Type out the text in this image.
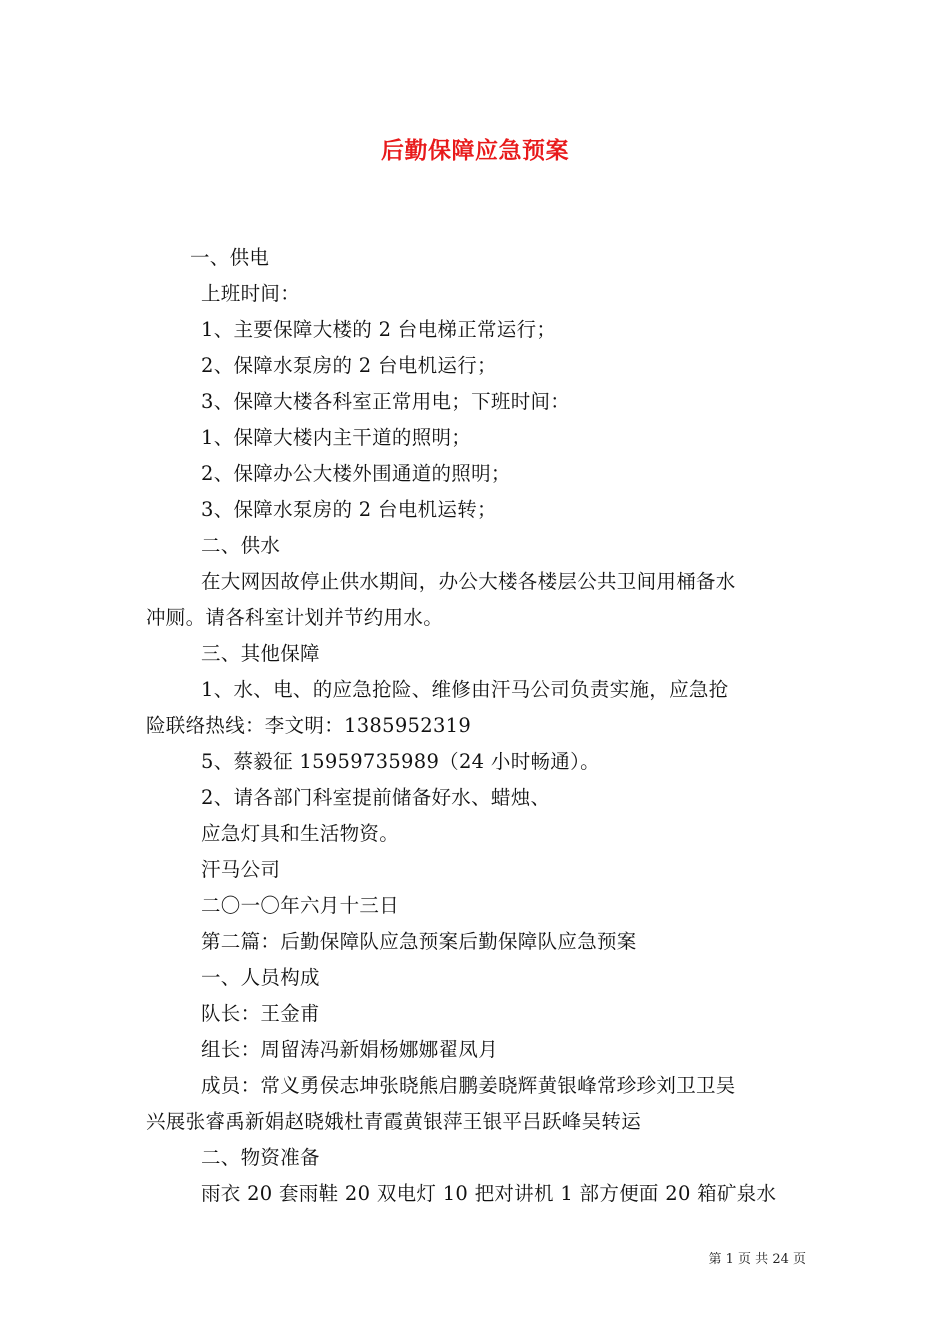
后勤保障应急预案
一、供电
上班时间：
1、主要保障大楼的 2 台电梯正常运行；
2、保障水泵房的 2 台电机运行；
3、保障大楼各科室正常用电；下班时间：
1、保障大楼内主干道的照明；
2、保障办公大楼外围通道的照明；
3、保障水泵房的 2 台电机运转；
二、供水
在大网因故停止供水期间，办公大楼各楼层公共卫间用桶备水
冲厕。请各科室计划并节约用水。
三、其他保障
1、水、电、的应急抢险、维修由汗马公司负责实施，应急抢
险联络热线：李文明：1385952319
5、蔡毅征 15959735989（24 小时畅通）。
2、请各部门科室提前储备好水、蜡烛、
应急灯具和生活物资。
汗马公司
二〇一〇年六月十三日
第二篇：后勤保障队应急预案后勤保障队应急预案
一、人员构成
队长：王金甫
组长：周留涛冯新娟杨娜娜翟凤月
成员：常义勇侯志坤张晓熊启鹏姜晓辉黄银峰常珍珍刘卫卫吴
兴展张睿禹新娟赵晓娥杜青霞黄银萍王银平吕跃峰吴转运
二、物资准备
雨衣 20 套雨鞋 20 双电灯 10 把对讲机 1 部方便面 20 箱矿泉水
第 1 页 共 24 页
